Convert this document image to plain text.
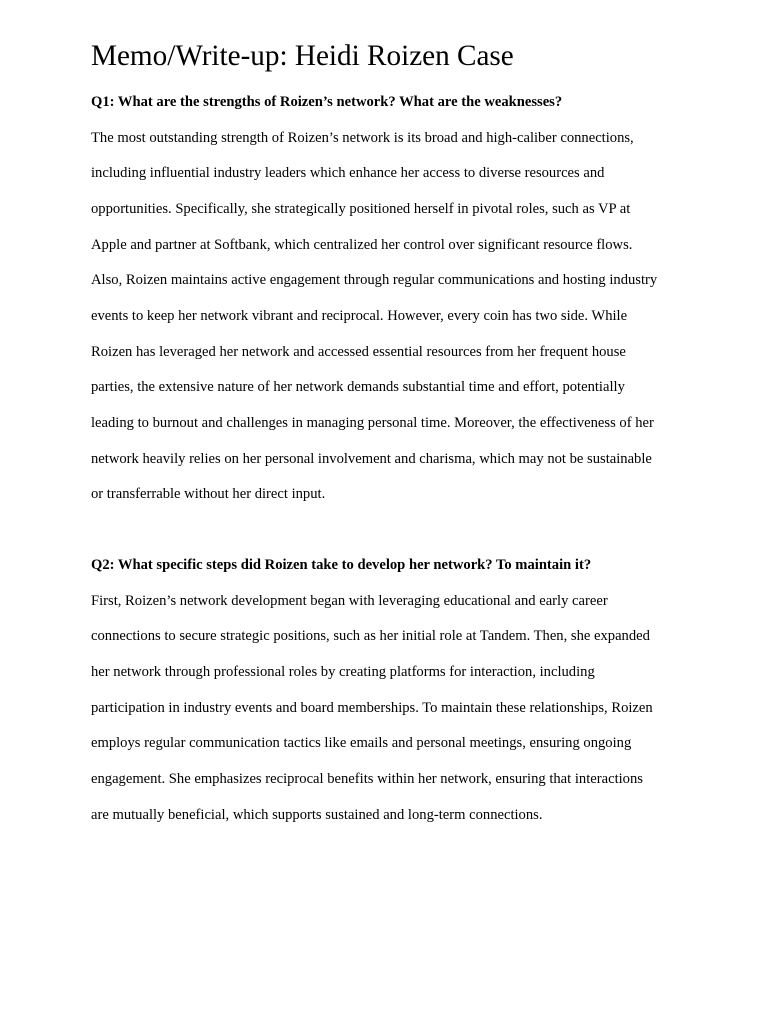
Memo/Write-up: Heidi Roizen Case

Q1: What are the strengths of Roizen’s network? What are the weaknesses?

The most outstanding strength of Roizen’s network is its broad and high-caliber connections,
including influential industry leaders which enhance her access to diverse resources and
opportunities. Specifically, she strategically positioned herself in pivotal roles, such as VP at
Apple and partner at Softbank, which centralized her control over significant resource flows.
Also, Roizen maintains active engagement through regular communications and hosting industry
events to keep her network vibrant and reciprocal. However, every coin has two side. While
Roizen has leveraged her network and accessed essential resources from her frequent house
parties, the extensive nature of her network demands substantial time and effort, potentially
leading to burnout and challenges in managing personal time. Moreover, the effectiveness of her
network heavily relies on her personal involvement and charisma, which may not be sustainable
or transferrable without her direct input.

Q2: What specific steps did Roizen take to develop her network? To maintain it?

First, Roizen’s network development began with leveraging educational and early career
connections to secure strategic positions, such as her initial role at Tandem. Then, she expanded
her network through professional roles by creating platforms for interaction, including
participation in industry events and board memberships. To maintain these relationships, Roizen
employs regular communication tactics like emails and personal meetings, ensuring ongoing
engagement. She emphasizes reciprocal benefits within her network, ensuring that interactions
are mutually beneficial, which supports sustained and long-term connections.
